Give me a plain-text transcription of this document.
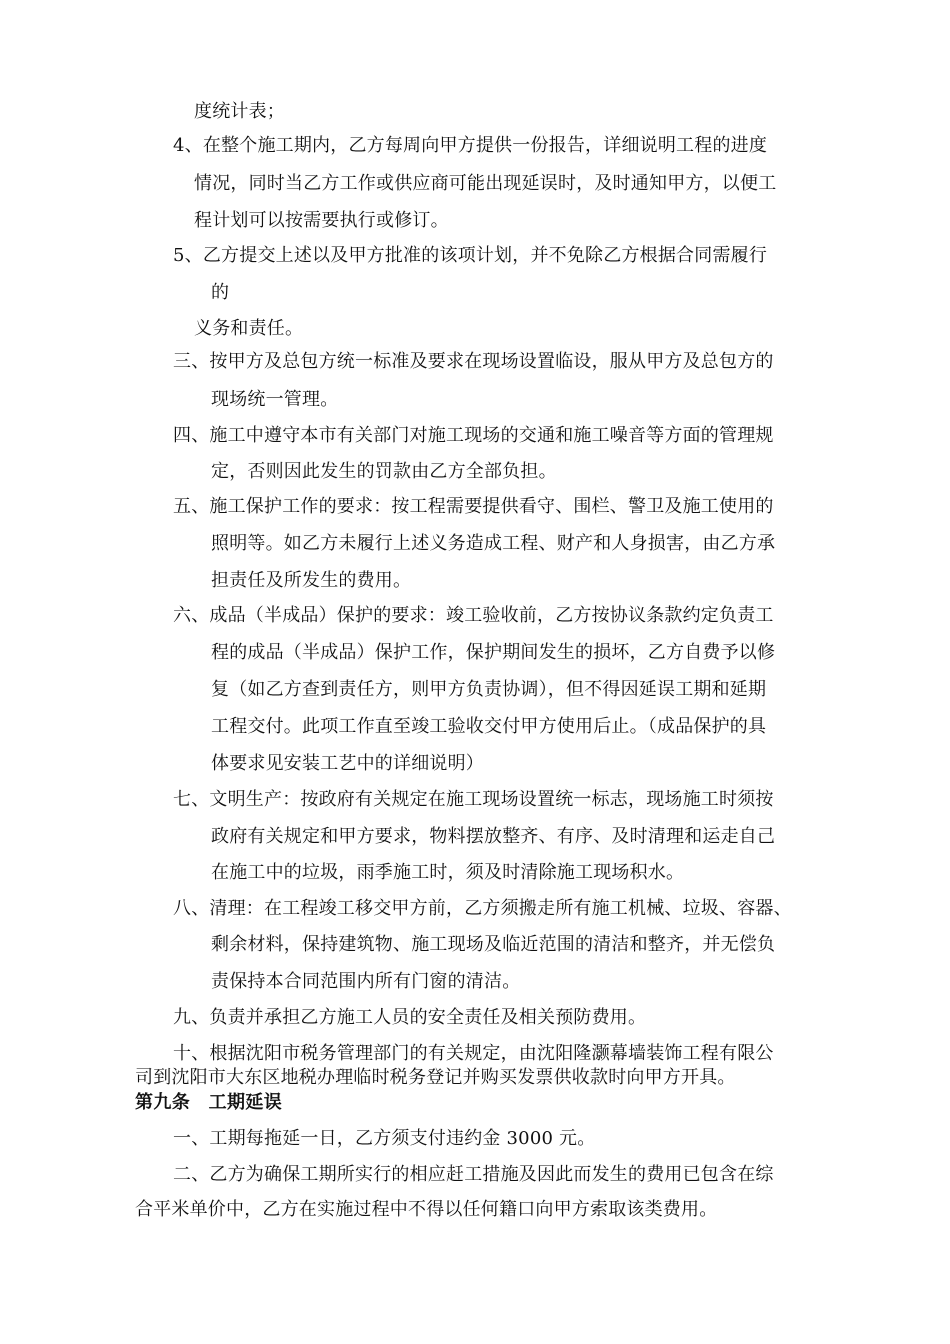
度统计表；
4、在整个施工期内，乙方每周向甲方提供一份报告，详细说明工程的进度
情况，同时当乙方工作或供应商可能出现延误时，及时通知甲方，以便工
程计划可以按需要执行或修订。
5、乙方提交上述以及甲方批准的该项计划，并不免除乙方根据合同需履行
的
义务和责任。
三、按甲方及总包方统一标准及要求在现场设置临设，服从甲方及总包方的
现场统一管理。
四、施工中遵守本市有关部门对施工现场的交通和施工噪音等方面的管理规
定，否则因此发生的罚款由乙方全部负担。
五、施工保护工作的要求：按工程需要提供看守、围栏、警卫及施工使用的
照明等。如乙方未履行上述义务造成工程、财产和人身损害，由乙方承
担责任及所发生的费用。
六、成品（半成品）保护的要求：竣工验收前，乙方按协议条款约定负责工
程的成品（半成品）保护工作，保护期间发生的损坏，乙方自费予以修
复（如乙方查到责任方，则甲方负责协调），但不得因延误工期和延期
工程交付。此项工作直至竣工验收交付甲方使用后止。（成品保护的具
体要求见安装工艺中的详细说明）
七、文明生产：按政府有关规定在施工现场设置统一标志，现场施工时须按
政府有关规定和甲方要求，物料摆放整齐、有序、及时清理和运走自己
在施工中的垃圾，雨季施工时，须及时清除施工现场积水。
八、清理：在工程竣工移交甲方前，乙方须搬走所有施工机械、垃圾、容器、
剩余材料，保持建筑物、施工现场及临近范围的清洁和整齐，并无偿负
责保持本合同范围内所有门窗的清洁。
九、负责并承担乙方施工人员的安全责任及相关预防费用。
十、根据沈阳市税务管理部门的有关规定，由沈阳隆灏幕墙装饰工程有限公
司到沈阳市大东区地税办理临时税务登记并购买发票供收款时向甲方开具。
第九条　工期延误
一、工期每拖延一日，乙方须支付违约金 3000 元。
二、乙方为确保工期所实行的相应赶工措施及因此而发生的费用已包含在综
合平米单价中，乙方在实施过程中不得以任何籍口向甲方索取该类费用。
